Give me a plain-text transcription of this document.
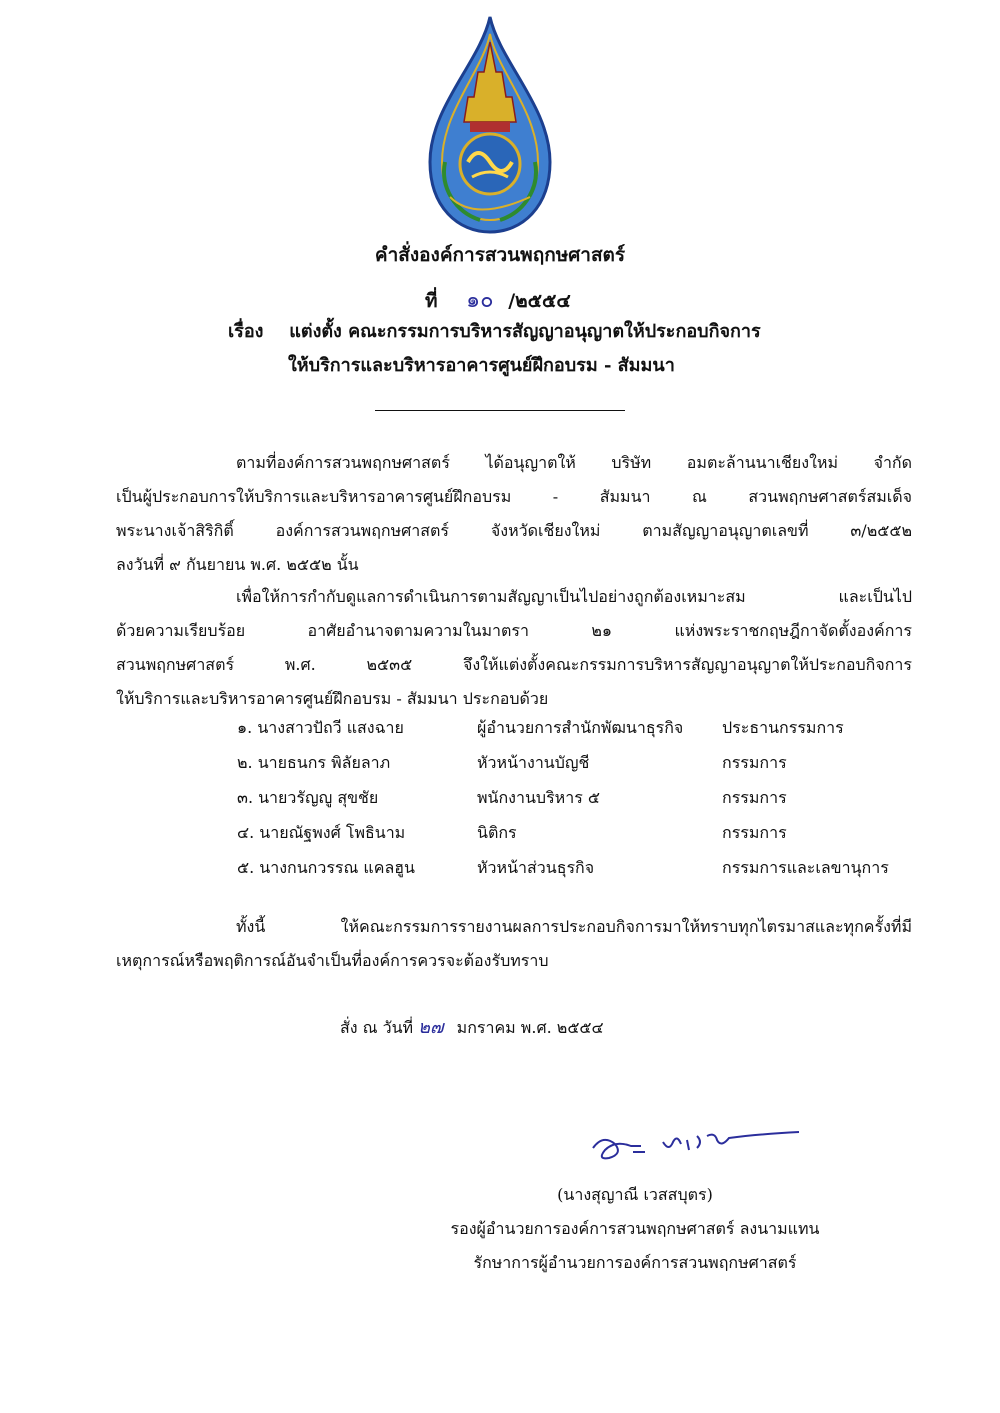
คำสั่งองค์การสวนพฤกษศาสตร์
ที่ ๑๐ /๒๕๕๔
เรื่อง แต่งตั้ง คณะกรรมการบริหารสัญญาอนุญาตให้ประกอบกิจการ
ให้บริการและบริหารอาคารศูนย์ฝึกอบรม - สัมมนา
ตามที่องค์การสวนพฤกษศาสตร์ ได้อนุญาตให้ บริษัท อมตะล้านนาเชียงใหม่ จำกัด
เป็นผู้ประกอบการให้บริการและบริหารอาคารศูนย์ฝึกอบรม - สัมมนา ณ สวนพฤกษศาสตร์สมเด็จ
พระนางเจ้าสิริกิติ์ องค์การสวนพฤกษศาสตร์ จังหวัดเชียงใหม่ ตามสัญญาอนุญาตเลขที่ ๓/๒๕๕๒
ลงวันที่ ๙ กันยายน พ.ศ. ๒๕๕๒ นั้น
เพื่อให้การกำกับดูแลการดำเนินการตามสัญญาเป็นไปอย่างถูกต้องเหมาะสม และเป็นไป
ด้วยความเรียบร้อย อาศัยอำนาจตามความในมาตรา ๒๑ แห่งพระราชกฤษฎีกาจัดตั้งองค์การ
สวนพฤกษศาสตร์ พ.ศ. ๒๕๓๕ จึงให้แต่งตั้งคณะกรรมการบริหารสัญญาอนุญาตให้ประกอบกิจการ
ให้บริการและบริหารอาคารศูนย์ฝึกอบรม - สัมมนา ประกอบด้วย
๑. นางสาวปัถวี แสงฉาย	ผู้อำนวยการสำนักพัฒนาธุรกิจ ประธานกรรมการ
๒. นายธนกร พิลัยลาภ	หัวหน้างานบัญชี	กรรมการ
๓. นายวรัญญู สุขชัย	พนักงานบริหาร ๕	กรรมการ
๔. นายณัฐพงศ์ โพธินาม	นิติกร	กรรมการ
๕. นางกนกวรรณ แคลฮูน	หัวหน้าส่วนธุรกิจ	กรรมการและเลขานุการ
ทั้งนี้ ให้คณะกรรมการรายงานผลการประกอบกิจการมาให้ทราบทุกไตรมาสและทุกครั้งที่มี
เหตุการณ์หรือพฤติการณ์อันจำเป็นที่องค์การควรจะต้องรับทราบ
สั่ง ณ วันที่ ๒๗ มกราคม พ.ศ. ๒๕๕๔
(นางสุญาณี เวสสบุตร)
รองผู้อำนวยการองค์การสวนพฤกษศาสตร์ ลงนามแทน
รักษาการผู้อำนวยการองค์การสวนพฤกษศาสตร์
